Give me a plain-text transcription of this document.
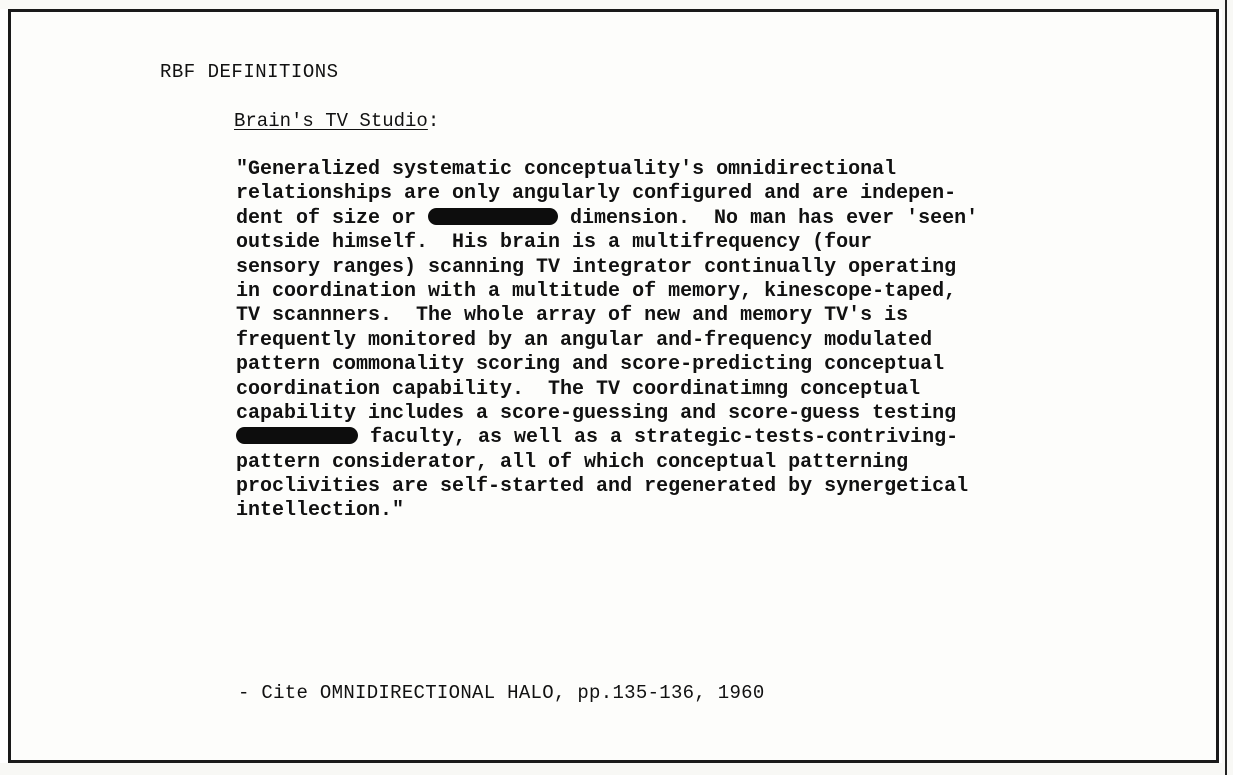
RBF DEFINITIONS
Brain's TV Studio:
"Generalized systematic conceptuality's omnidirectional
relationships are only angularly configured and are indepen-
dent of size or	dimension.  No man has ever 'seen'
outside himself.  His brain is a multifrequency (four
sensory ranges) scanning TV integrator continually operating
in coordination with a multitude of memory, kinescope-taped,
TV scannners.  The whole array of new and memory TV's is
frequently monitored by an angular and-frequency modulated
pattern commonality scoring and score-predicting conceptual
coordination capability.  The TV coordinatimng conceptual
capability includes a score-guessing and score-guess testing
faculty, as well as a strategic-tests-contriving-
pattern considerator, all of which conceptual patterning
proclivities are self-started and regenerated by synergetical
intellection."
- Cite OMNIDIRECTIONAL HALO, pp.135-136, 1960
